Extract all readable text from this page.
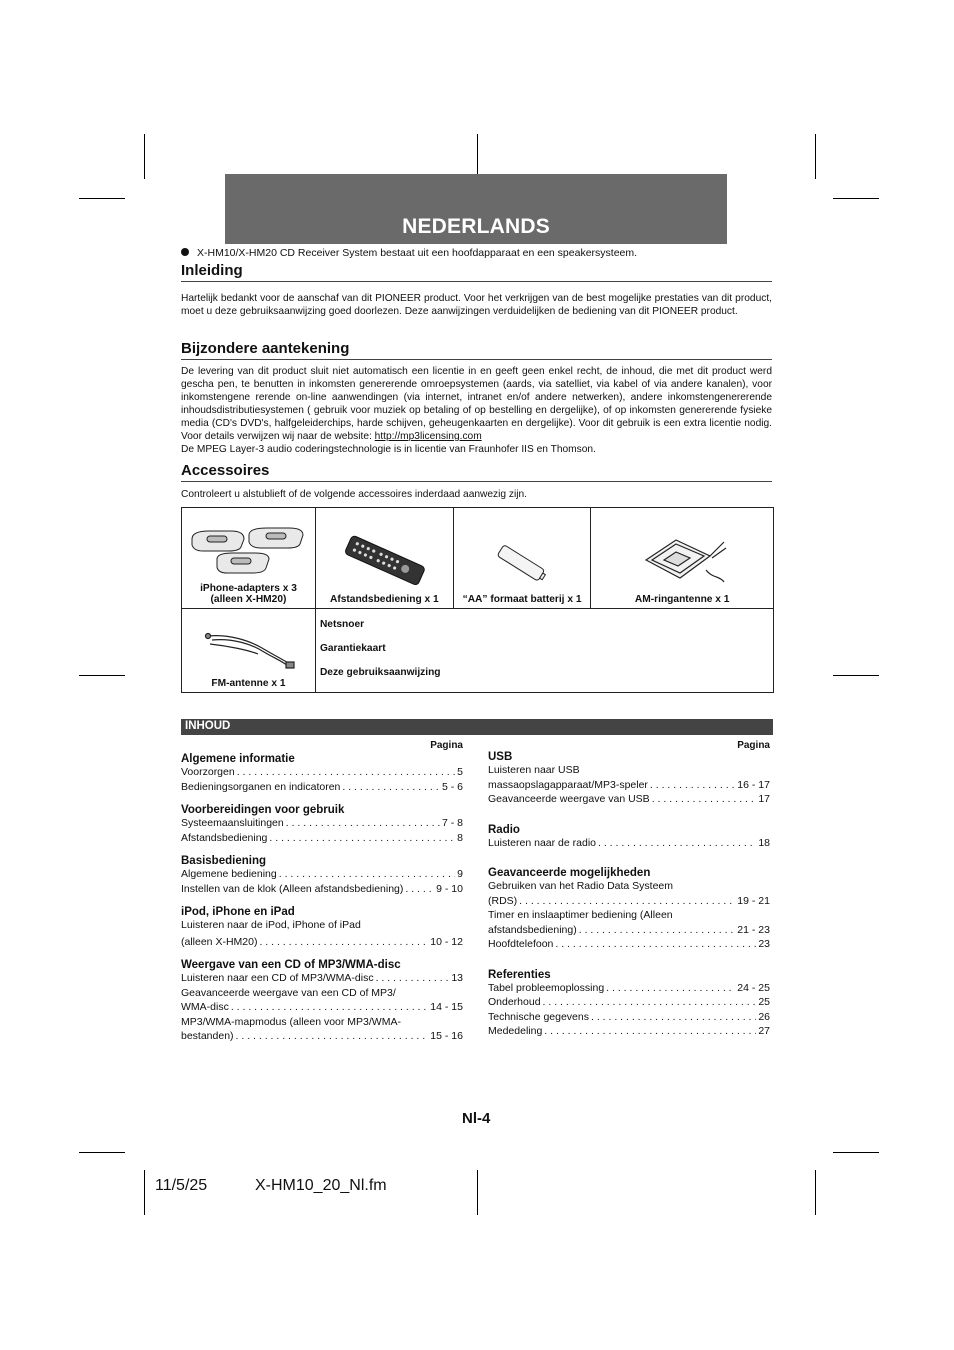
NEDERLANDS
X-HM10/X-HM20 CD Receiver System bestaat uit een hoofdapparaat en een speakersysteem.
Inleiding

Hartelijk bedankt voor de aanschaf van dit PIONEER product. Voor het verkrijgen van de best mogelijke prestaties van dit product, moet u deze gebruiksaanwijzing goed doorlezen. Deze aanwijzingen verduidelijken de bediening van dit PIONEER product.

Bijzondere aantekening

De levering van dit product sluit niet automatisch een licentie in en geeft geen enkel recht, de inhoud, die met dit product werd gescha pen, te benutten in inkomsten genererende omroepsystemen (aards, via satelliet, via kabel of via andere kanalen), voor inkomstengene rerende on-line aanwendingen (via internet, intranet en/of andere netwerken), andere inkomstengenererende inhoudsdistributiesystemen ( gebruik voor muziek op betaling of op bestelling en dergelijke), of op inkomsten genererende fysieke media (CD's DVD's, halfgeleiderchips, harde schijven, geheugenkaarten en dergelijke). Voor dit gebruik is een extra licentie nodig. Voor details verwijzen wij naar de website: http://mp3licensing.com
De MPEG Layer-3 audio coderingstechnologie is in licentie van Fraunhofer IIS en Thomson.

Accessoires

Controleert u alstublieft of de volgende accessoires inderdaad aanwezig zijn.

iPhone-adapters x 3
(alleen X-HM20)	Afstandsbediening x 1	“AA” formaat batterij x 1	AM-ringantenne x 1

FM-antenne x 1	Netsnoer
Garantiekaart
Deze gebruiksaanwijzing		
INHOUD
Pagina
Algemene informatie
Voorzorgen . . .	5
Bedieningsorganen en indicatoren . . .	5 - 6
Voorbereidingen voor gebruik
Systeemaansluitingen . . .	7 - 8
Afstandsbediening . . .	8
Basisbediening
Algemene bediening . . .	9
Instellen van de klok (Alleen afstandsbediening) . . .	9 - 10
iPod, iPhone en iPad
Luisteren naar de iPod, iPhone of iPad
(alleen X-HM20) . . .	10 - 12
Weergave van een CD of MP3/WMA-disc
Luisteren naar een CD of MP3/WMA-disc . . .	13
Geavanceerde weergave van een CD of MP3/
WMA-disc . . .	14 - 15
MP3/WMA-mapmodus (alleen voor MP3/WMA-
bestanden) . . .	15 - 16
Pagina
USB
Luisteren naar USB
massaopslagapparaat/MP3-speler . . .	16 - 17
Geavanceerde weergave van USB . . .	17
Radio
Luisteren naar de radio . . .	18
Geavanceerde mogelijkheden
Gebruiken van het Radio Data Systeem
(RDS) . . .	19 - 21
Timer en inslaaptimer bediening (Alleen
afstandsbediening) . . .	21 - 23
Hoofdtelefoon . . .	23
Referenties
Tabel probleemoplossing . . .	24 - 25
Onderhoud . . .	25
Technische gegevens . . .	26
Mededeling . . .	27
Nl-4
11/5/25	X-HM10_20_Nl.fm
